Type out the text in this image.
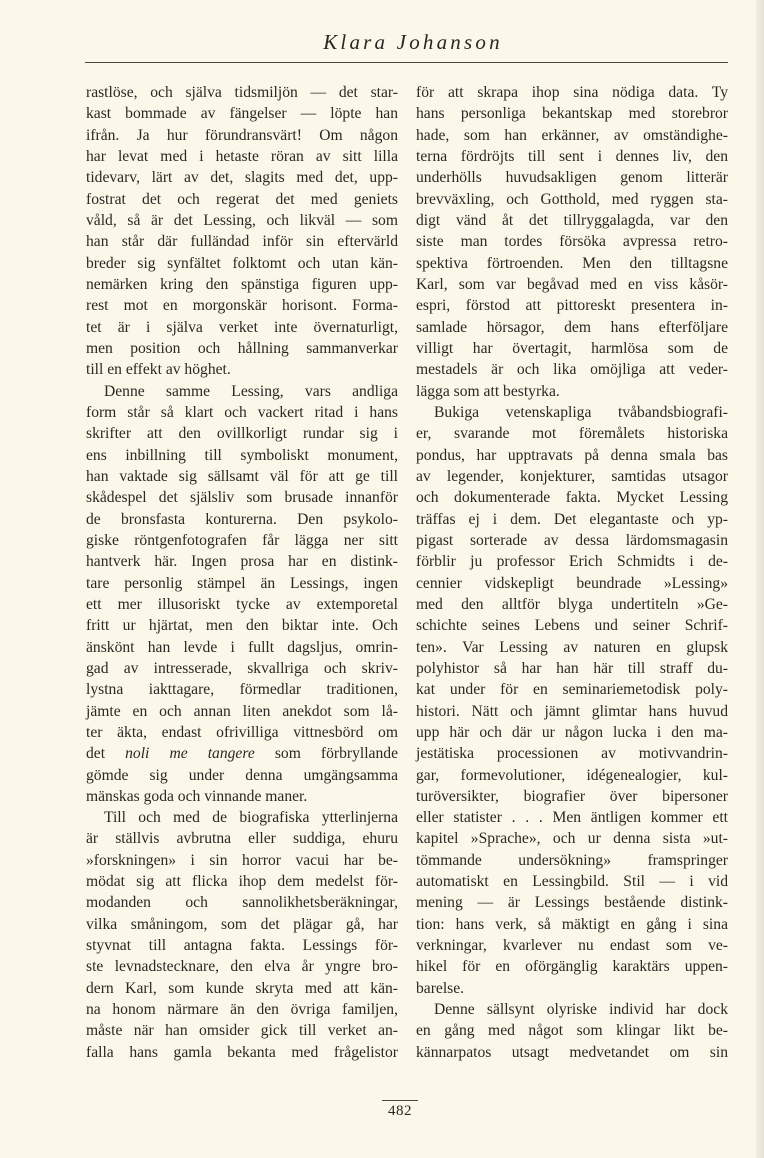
Klara Johanson
rastlöse, och själva tidsmiljön — det star-
kast bommade av fängelser — löpte han
ifrån. Ja hur förundransvärt! Om någon
har levat med i hetaste röran av sitt lilla
tidevarv, lärt av det, slagits med det, upp-
fostrat det och regerat det med geniets
våld, så är det Lessing, och likväl — som
han står där fulländad inför sin eftervärld
breder sig synfältet folktomt och utan kän-
nemärken kring den spänstiga figuren upp-
rest mot en morgonskär horisont. Forma-
tet är i själva verket inte övernaturligt,
men position och hållning sammanverkar
till en effekt av höghet.
Denne samme Lessing, vars andliga
form står så klart och vackert ritad i hans
skrifter att den ovillkorligt rundar sig i
ens inbillning till symboliskt monument,
han vaktade sig sällsamt väl för att ge till
skådespel det själsliv som brusade innanför
de bronsfasta konturerna. Den psykolo-
giske röntgenfotografen får lägga ner sitt
hantverk här. Ingen prosa har en distink-
tare personlig stämpel än Lessings, ingen
ett mer illusoriskt tycke av extemporetal
fritt ur hjärtat, men den biktar inte. Och
änskönt han levde i fullt dagsljus, omrin-
gad av intresserade, skvallriga och skriv-
lystna iakttagare, förmedlar traditionen,
jämte en och annan liten anekdot som lå-
ter äkta, endast ofrivilliga vittnesbörd om
det noli me tangere som förbryllande
gömde sig under denna umgängsamma
mänskas goda och vinnande maner.
Till och med de biografiska ytterlinjerna
är ställvis avbrutna eller suddiga, ehuru
»forskningen» i sin horror vacui har be-
mödat sig att flicka ihop dem medelst för-
modanden och sannolikhetsberäkningar,
vilka småningom, som det plägar gå, har
styvnat till antagna fakta. Lessings för-
ste levnadstecknare, den elva år yngre bro-
dern Karl, som kunde skryta med att kän-
na honom närmare än den övriga familjen,
måste när han omsider gick till verket an-
falla hans gamla bekanta med frågelistor
för att skrapa ihop sina nödiga data. Ty
hans personliga bekantskap med storebror
hade, som han erkänner, av omständighe-
terna fördröjts till sent i dennes liv, den
underhölls huvudsakligen genom litterär
brevväxling, och Gotthold, med ryggen sta-
digt vänd åt det tillryggalagda, var den
siste man tordes försöka avpressa retro-
spektiva förtroenden. Men den tilltagsne
Karl, som var begåvad med en viss kåsör-
espri, förstod att pittoreskt presentera in-
samlade hörsagor, dem hans efterföljare
villigt har övertagit, harmlösa som de
mestadels är och lika omöjliga att veder-
lägga som att bestyrka.
Bukiga vetenskapliga tvåbandsbiografi-
er, svarande mot föremålets historiska
pondus, har upptravats på denna smala bas
av legender, konjekturer, samtidas utsagor
och dokumenterade fakta. Mycket Lessing
träffas ej i dem. Det elegantaste och yp-
pigast sorterade av dessa lärdomsmagasin
förblir ju professor Erich Schmidts i de-
cennier vidskepligt beundrade »Lessing»
med den alltför blyga undertiteln »Ge-
schichte seines Lebens und seiner Schrif-
ten». Var Lessing av naturen en glupsk
polyhistor så har han här till straff du-
kat under för en seminariemetodisk poly-
histori. Nätt och jämnt glimtar hans huvud
upp här och där ur någon lucka i den ma-
jestätiska processionen av motivvandrin-
gar, formevolutioner, idégenealogier, kul-
turöversikter, biografier över bipersoner
eller statister . . . Men äntligen kommer ett
kapitel »Sprache», och ur denna sista »ut-
tömmande undersökning» framspringer
automatiskt en Lessingbild. Stil — i vid
mening — är Lessings bestående distink-
tion: hans verk, så mäktigt en gång i sina
verkningar, kvarlever nu endast som ve-
hikel för en oförgänglig karaktärs uppen-
barelse.
Denne sällsynt olyriske individ har dock
en gång med något som klingar likt be-
kännarpatos utsagt medvetandet om sin
482
